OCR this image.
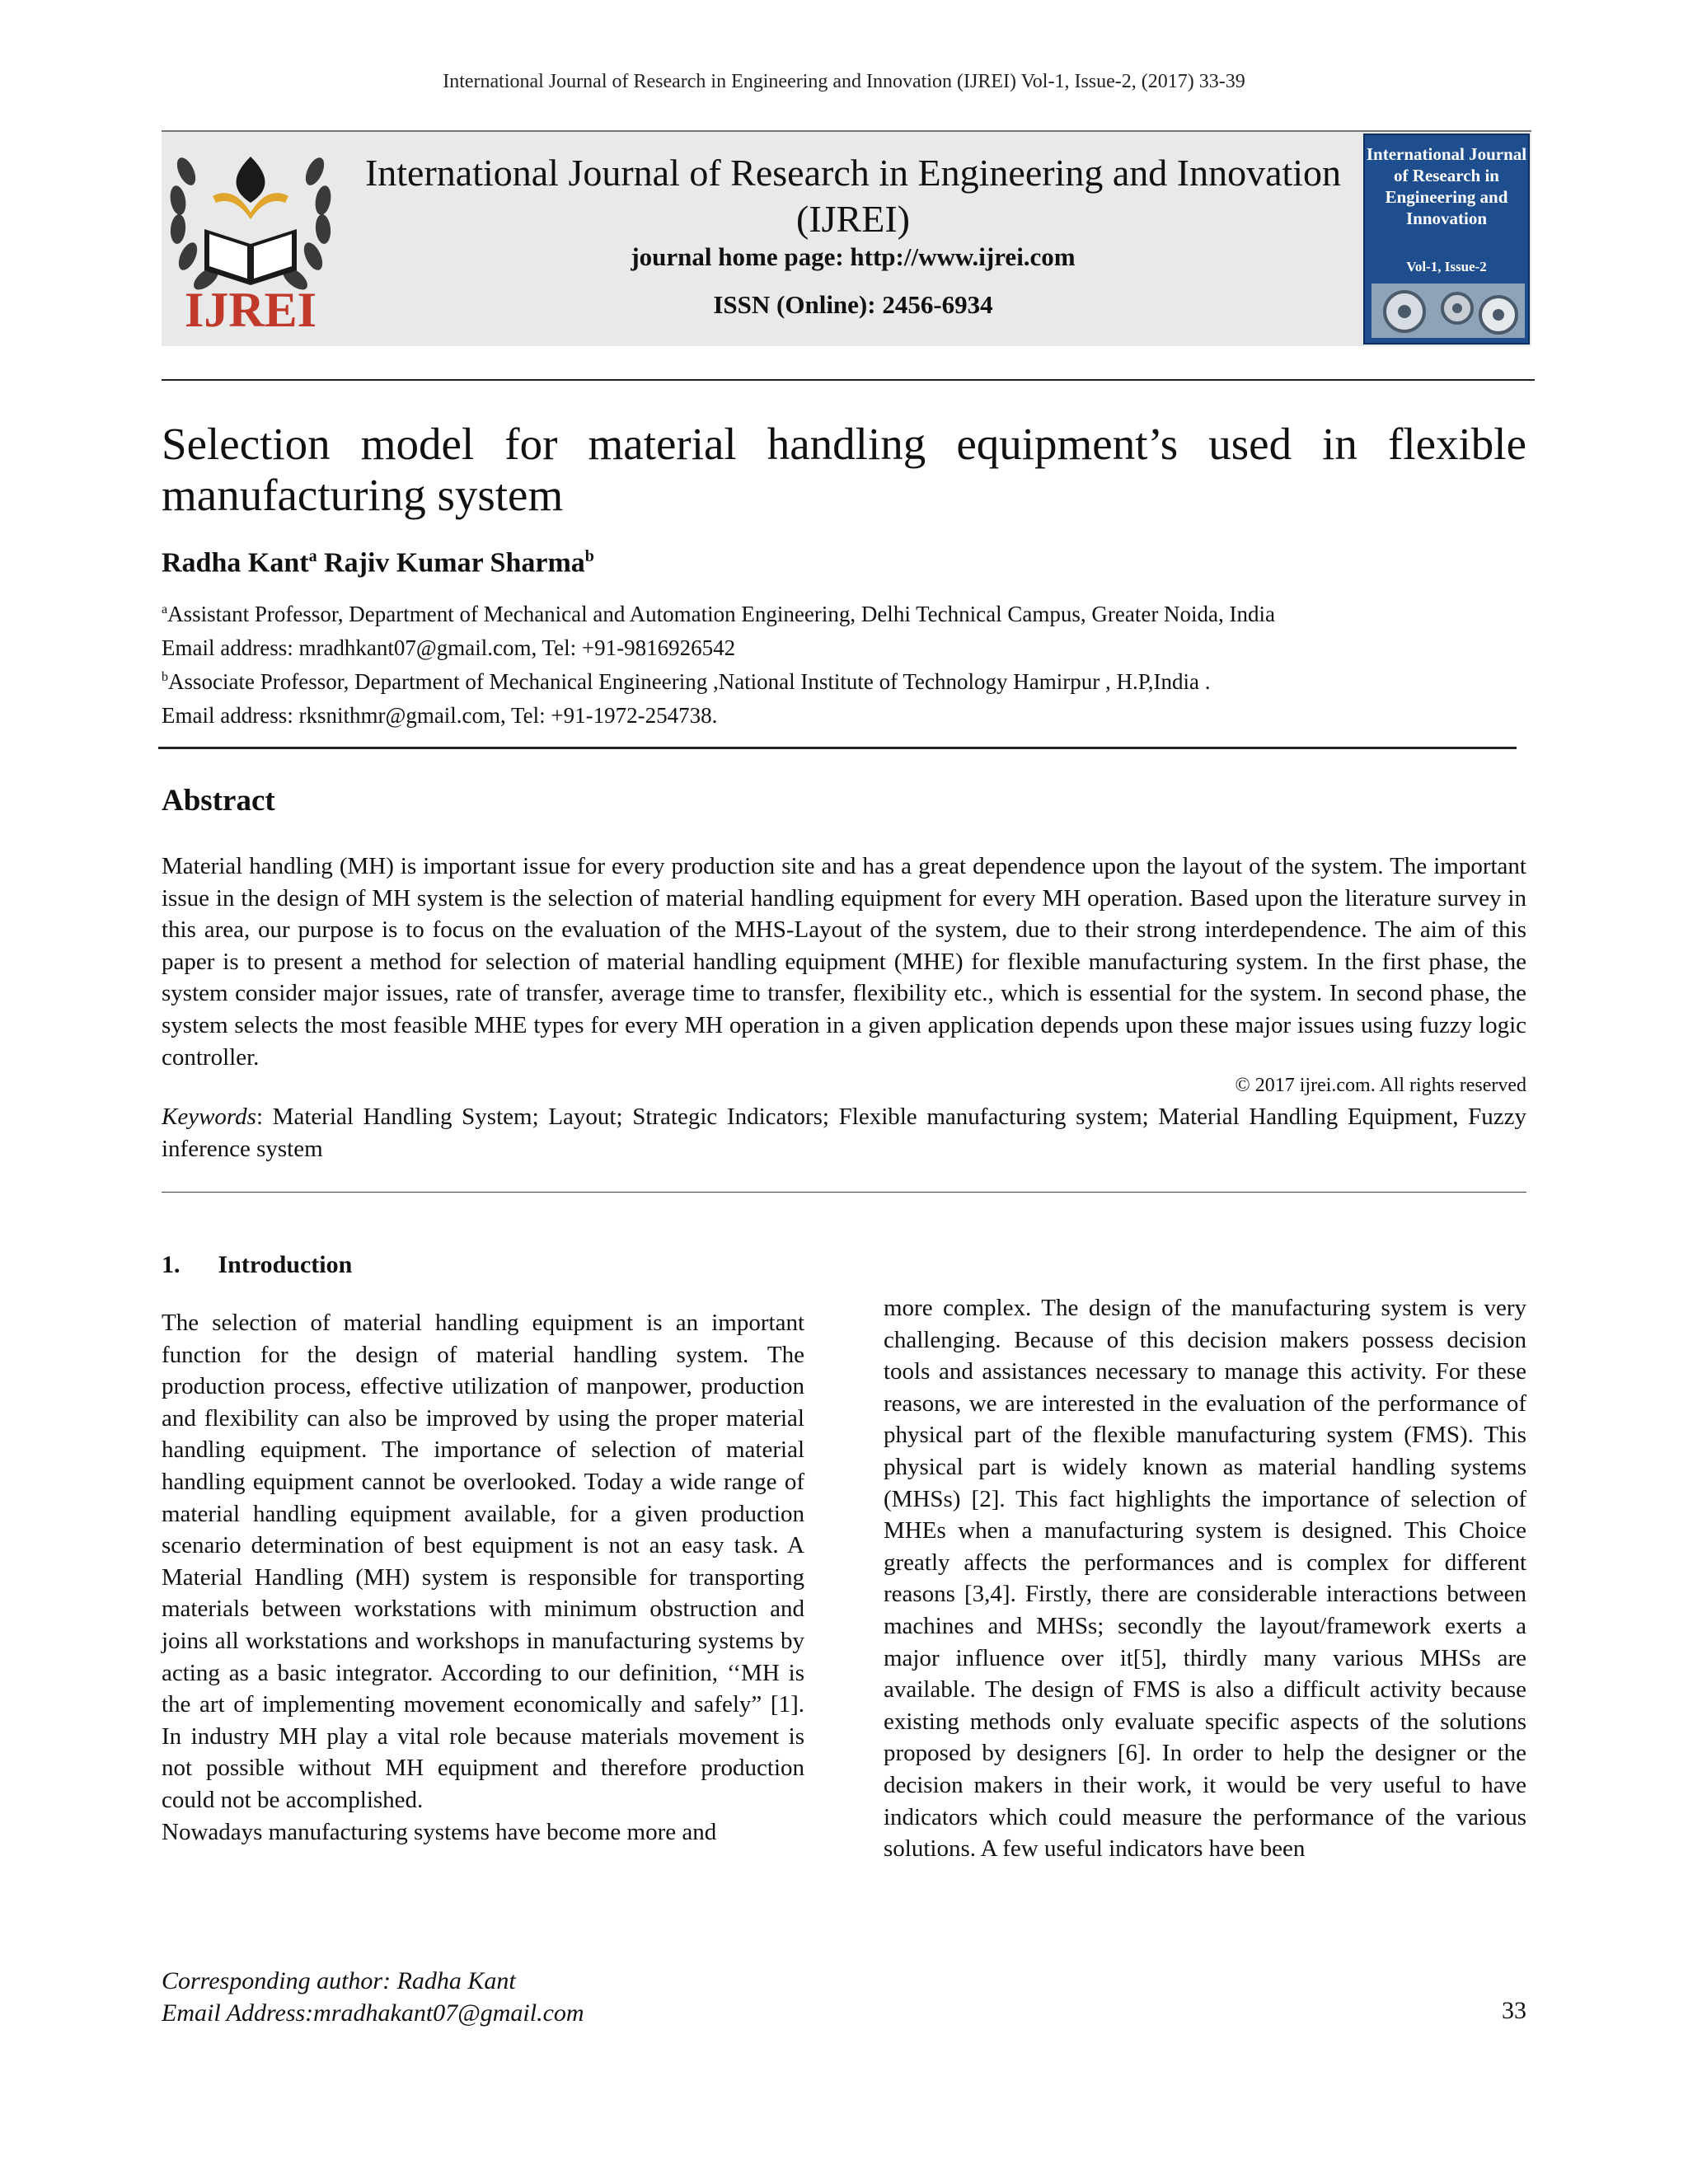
International Journal of Research in Engineering and Innovation (IJREI) Vol-1, Issue-2, (2017) 33-39
IJREI
International Journal of Research in Engineering and Innovation (IJREI)
journal home page: http://www.ijrei.com
ISSN (Online): 2456-6934
International Journal of Research in Engineering and Innovation
Vol-1, Issue-2
Selection model for material handling equipment’s used in flexible manufacturing system
Radha Kant$^a$ Rajiv Kumar Sharma$^b$
$^a$Assistant Professor, Department of Mechanical and Automation Engineering, Delhi Technical Campus, Greater Noida, India
Email address: mradhkant07@gmail.com, Tel: +91-9816926542
$^b$Associate Professor, Department of Mechanical Engineering ,National Institute of Technology Hamirpur , H.P,India .
Email address: rksnithmr@gmail.com, Tel: +91-1972-254738.
Abstract
Material handling (MH) is important issue for every production site and has a great dependence upon the layout of the system. The important issue in the design of MH system is the selection of material handling equipment for every MH operation. Based upon the literature survey in this area, our purpose is to focus on the evaluation of the MHS-Layout of the system, due to their strong interdependence. The aim of this paper is to present a method for selection of material handling equipment (MHE) for flexible manufacturing system. In the first phase, the system consider major issues, rate of transfer, average time to transfer, flexibility etc., which is essential for the system. In second phase, the system selects the most feasible MHE types for every MH operation in a given application depends upon these major issues using fuzzy logic controller.
© 2017 ijrei.com. All rights reserved
Keywords: Material Handling System; Layout; Strategic Indicators; Flexible manufacturing system; Material Handling Equipment, Fuzzy inference system
1. Introduction

The selection of material handling equipment is an important function for the design of material handling system. The production process, effective utilization of manpower, production and flexibility can also be improved by using the proper material handling equipment. The importance of selection of material handling equipment cannot be overlooked. Today a wide range of material handling equipment available, for a given production scenario determination of best equipment is not an easy task. A Material Handling (MH) system is responsible for transporting materials between workstations with minimum obstruction and joins all workstations and workshops in manufacturing systems by acting as a basic integrator. According to our definition, ‘‘MH is the art of implementing movement economically and safely” [1]. In industry MH play a vital role because materials movement is not possible without MH equipment and therefore production could not be accomplished.

Nowadays manufacturing systems have become more and

more complex. The design of the manufacturing system is very challenging. Because of this decision makers possess decision tools and assistances necessary to manage this activity. For these reasons, we are interested in the evaluation of the performance of physical part of the flexible manufacturing system (FMS). This physical part is widely known as material handling systems (MHSs) [2]. This fact highlights the importance of selection of MHEs when a manufacturing system is designed. This Choice greatly affects the performances and is complex for different reasons [3,4]. Firstly, there are considerable interactions between machines and MHSs; secondly the layout/framework exerts a major influence over it[5], thirdly many various MHSs are available. The design of FMS is also a difficult activity because existing methods only evaluate specific aspects of the solutions proposed by designers [6]. In order to help the designer or the decision makers in their work, it would be very useful to have indicators which could measure the performance of the various solutions. A few useful indicators have been

Corresponding author: Radha Kant
Email Address:mradhakant07@gmail.com	33
